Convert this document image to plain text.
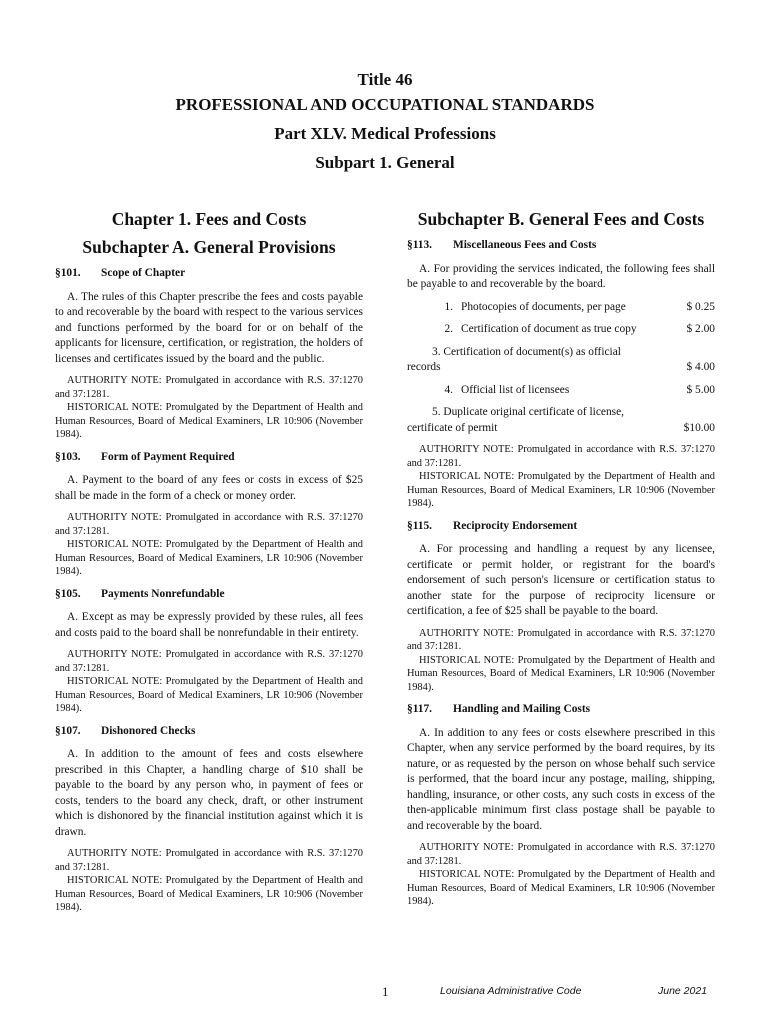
Title 46
PROFESSIONAL AND OCCUPATIONAL STANDARDS
Part XLV. Medical Professions
Subpart 1. General
Chapter 1. Fees and Costs
Subchapter A. General Provisions
§101. Scope of Chapter

A. The rules of this Chapter prescribe the fees and costs payable to and recoverable by the board with respect to the various services and functions performed by the board for or on behalf of the applicants for licensure, certification, or registration, the holders of licenses and certificates issued by the board and the public.

AUTHORITY NOTE: Promulgated in accordance with R.S. 37:1270 and 37:1281.

HISTORICAL NOTE: Promulgated by the Department of Health and Human Resources, Board of Medical Examiners, LR 10:906 (November 1984).

§103. Form of Payment Required

A. Payment to the board of any fees or costs in excess of $25 shall be made in the form of a check or money order.

AUTHORITY NOTE: Promulgated in accordance with R.S. 37:1270 and 37:1281.

HISTORICAL NOTE: Promulgated by the Department of Health and Human Resources, Board of Medical Examiners, LR 10:906 (November 1984).

§105. Payments Nonrefundable

A. Except as may be expressly provided by these rules, all fees and costs paid to the board shall be nonrefundable in their entirety.

AUTHORITY NOTE: Promulgated in accordance with R.S. 37:1270 and 37:1281.

HISTORICAL NOTE: Promulgated by the Department of Health and Human Resources, Board of Medical Examiners, LR 10:906 (November 1984).

§107. Dishonored Checks

A. In addition to the amount of fees and costs elsewhere prescribed in this Chapter, a handling charge of $10 shall be payable to the board by any person who, in payment of fees or costs, tenders to the board any check, draft, or other instrument which is dishonored by the financial institution against which it is drawn.

AUTHORITY NOTE: Promulgated in accordance with R.S. 37:1270 and 37:1281.

HISTORICAL NOTE: Promulgated by the Department of Health and Human Resources, Board of Medical Examiners, LR 10:906 (November 1984).

Subchapter B. General Fees and Costs
§113. Miscellaneous Fees and Costs

A. For providing the services indicated, the following fees shall be payable to and recoverable by the board.

1. Photocopies of documents, per page	$ 0.25
2. Certification of document as true copy	$ 2.00
3. Certification of document(s) as official
records	$ 4.00
4. Official list of licensees	$ 5.00
5. Duplicate original certificate of license,
certificate of permit	$10.00

AUTHORITY NOTE: Promulgated in accordance with R.S. 37:1270 and 37:1281.

HISTORICAL NOTE: Promulgated by the Department of Health and Human Resources, Board of Medical Examiners, LR 10:906 (November 1984).

§115. Reciprocity Endorsement

A. For processing and handling a request by any licensee, certificate or permit holder, or registrant for the board's endorsement of such person's licensure or certification status to another state for the purpose of reciprocity licensure or certification, a fee of $25 shall be payable to the board.

AUTHORITY NOTE: Promulgated in accordance with R.S. 37:1270 and 37:1281.

HISTORICAL NOTE: Promulgated by the Department of Health and Human Resources, Board of Medical Examiners, LR 10:906 (November 1984).

§117. Handling and Mailing Costs

A. In addition to any fees or costs elsewhere prescribed in this Chapter, when any service performed by the board requires, by its nature, or as requested by the person on whose behalf such service is performed, that the board incur any postage, mailing, shipping, handling, insurance, or other costs, any such costs in excess of the then-applicable minimum first class postage shall be payable to and recoverable by the board.

AUTHORITY NOTE: Promulgated in accordance with R.S. 37:1270 and 37:1281.

HISTORICAL NOTE: Promulgated by the Department of Health and Human Resources, Board of Medical Examiners, LR 10:906 (November 1984).

1	Louisiana Administrative Code	June 2021
